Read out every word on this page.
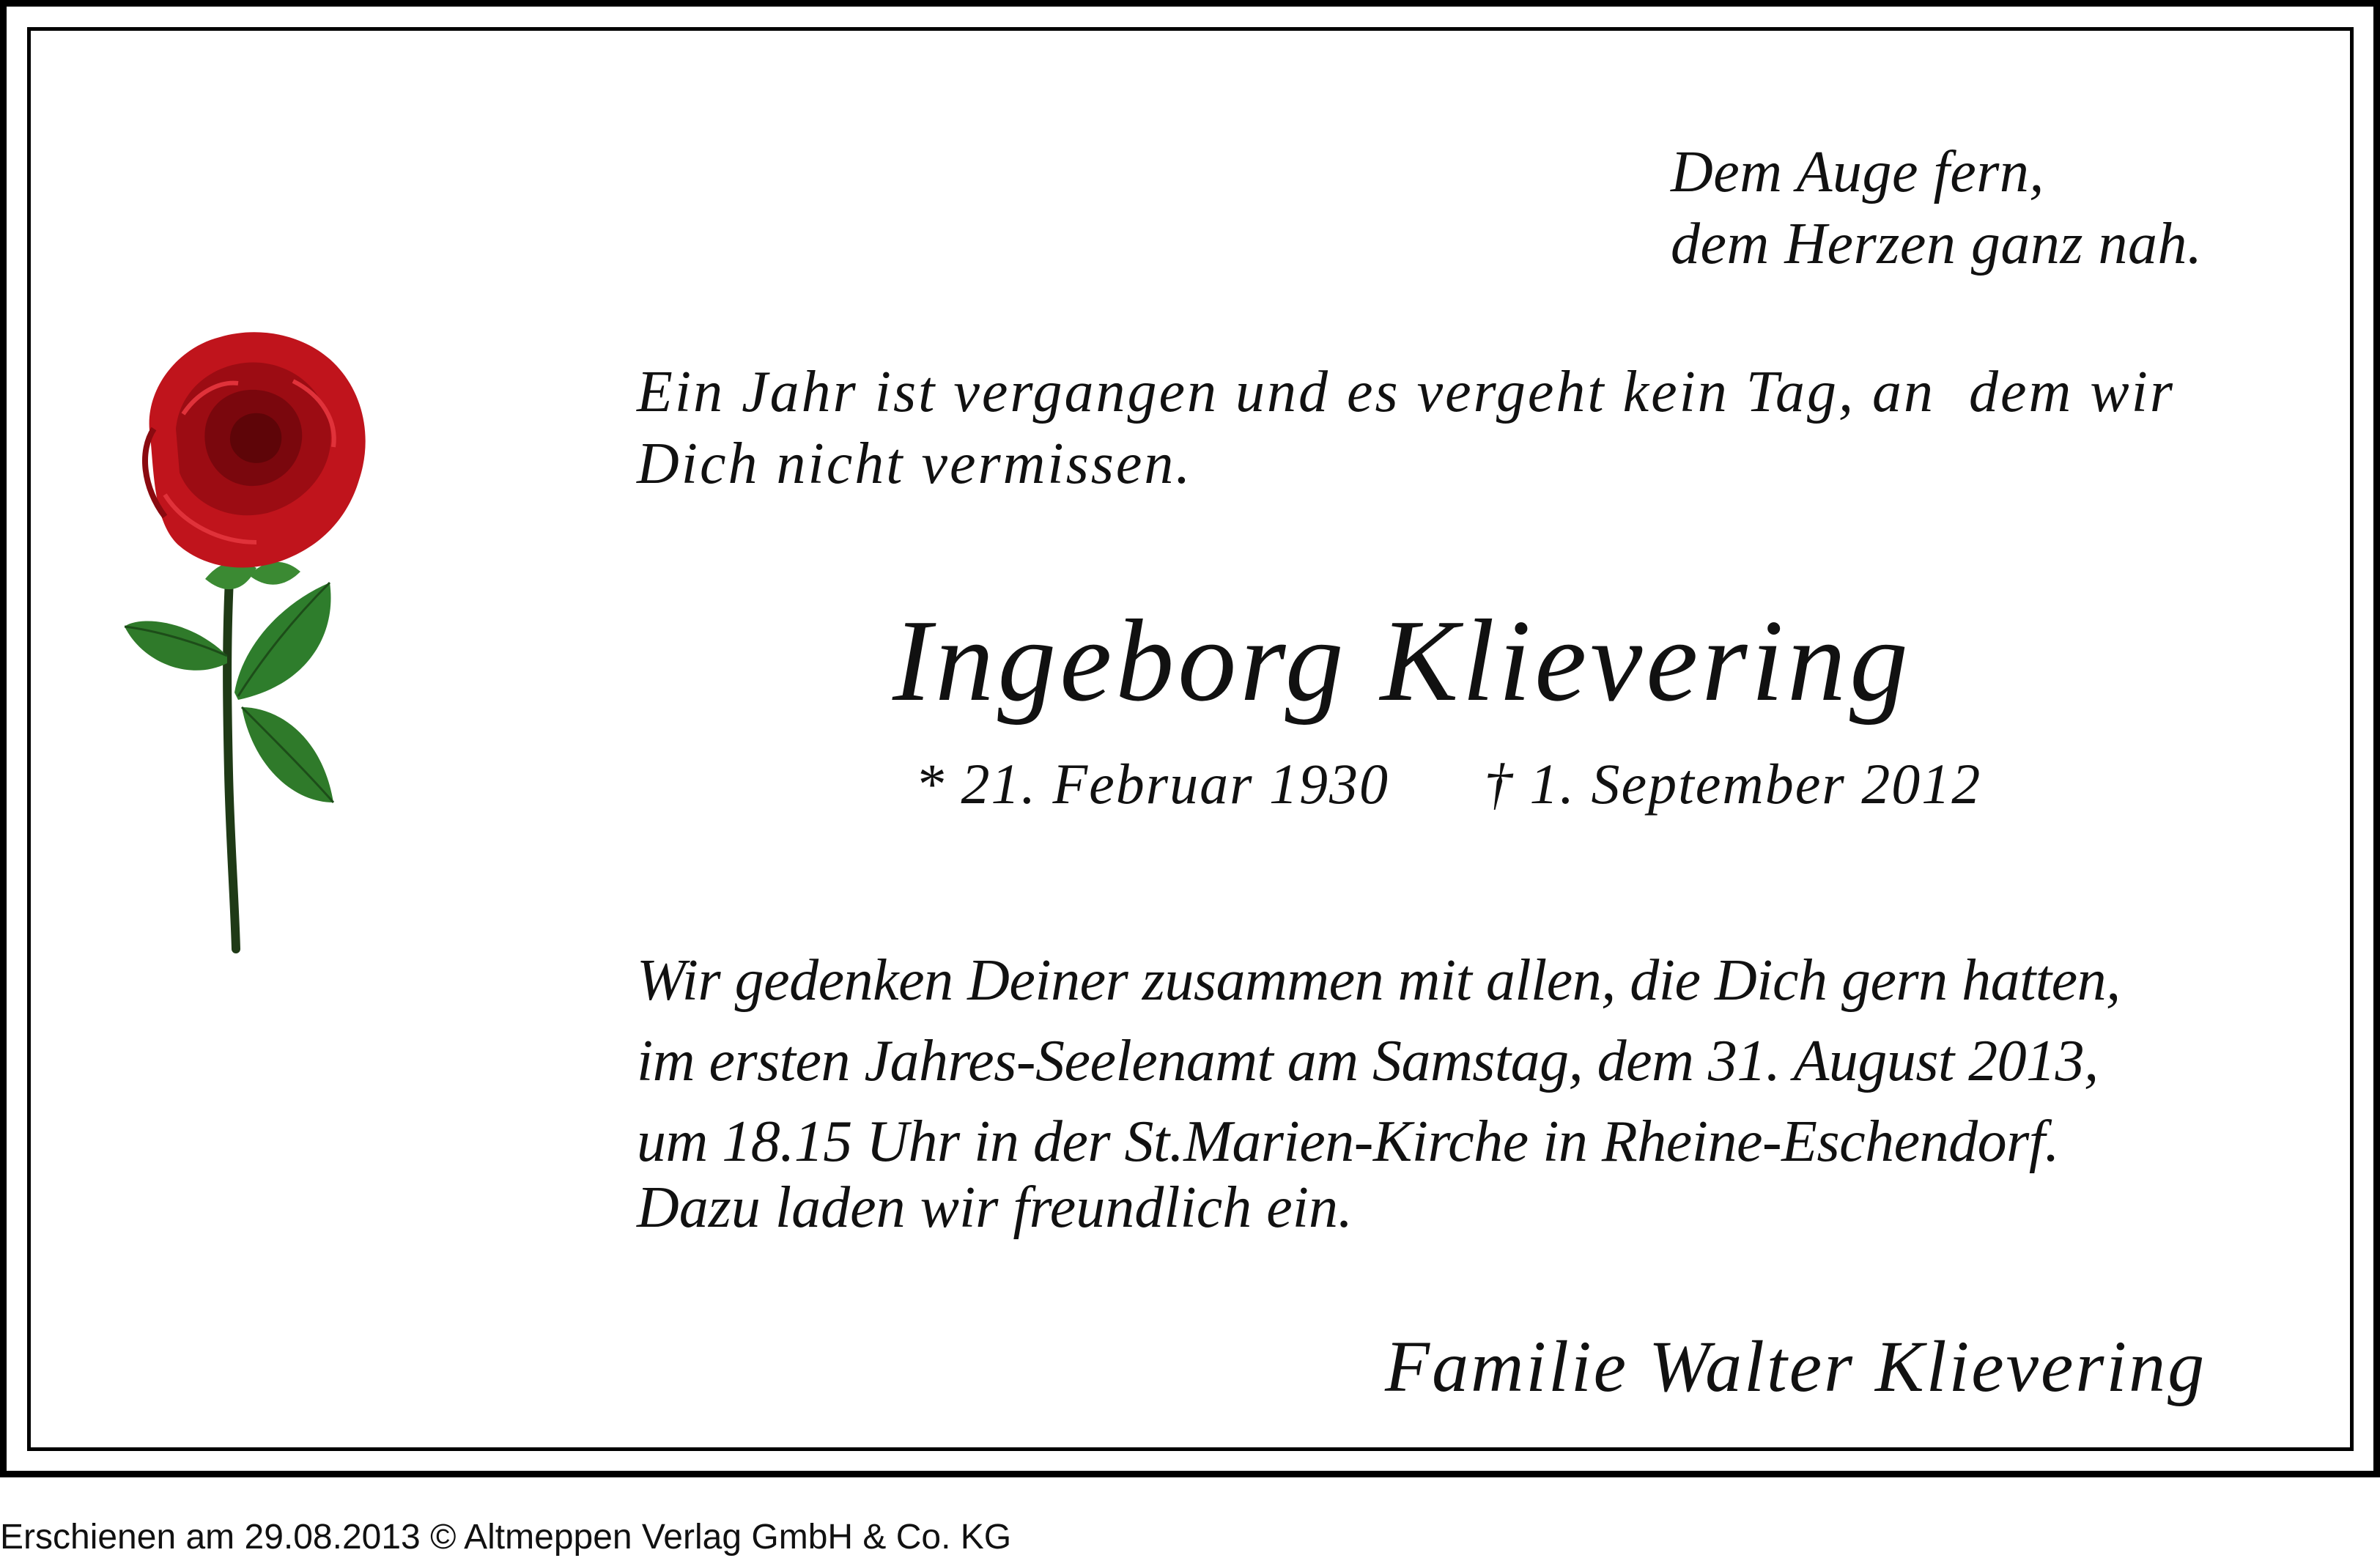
Dem Auge fern,
dem Herzen ganz nah.
Ein Jahr ist vergangen und es vergeht kein Tag, an  dem wir
Dich nicht vermissen.
Ingeborg Klievering
* 21. Februar 1930 † 1. September 2012
Wir gedenken Deiner zusammen mit allen, die Dich gern hatten,
im ersten Jahres-Seelenamt am Samstag, dem 31. August 2013,
um 18.15 Uhr in der St.Marien-Kirche in Rheine-Eschendorf.
Dazu laden wir freundlich ein.
Familie Walter Klievering
Erschienen am 29.08.2013 © Altmeppen Verlag GmbH & Co. KG
